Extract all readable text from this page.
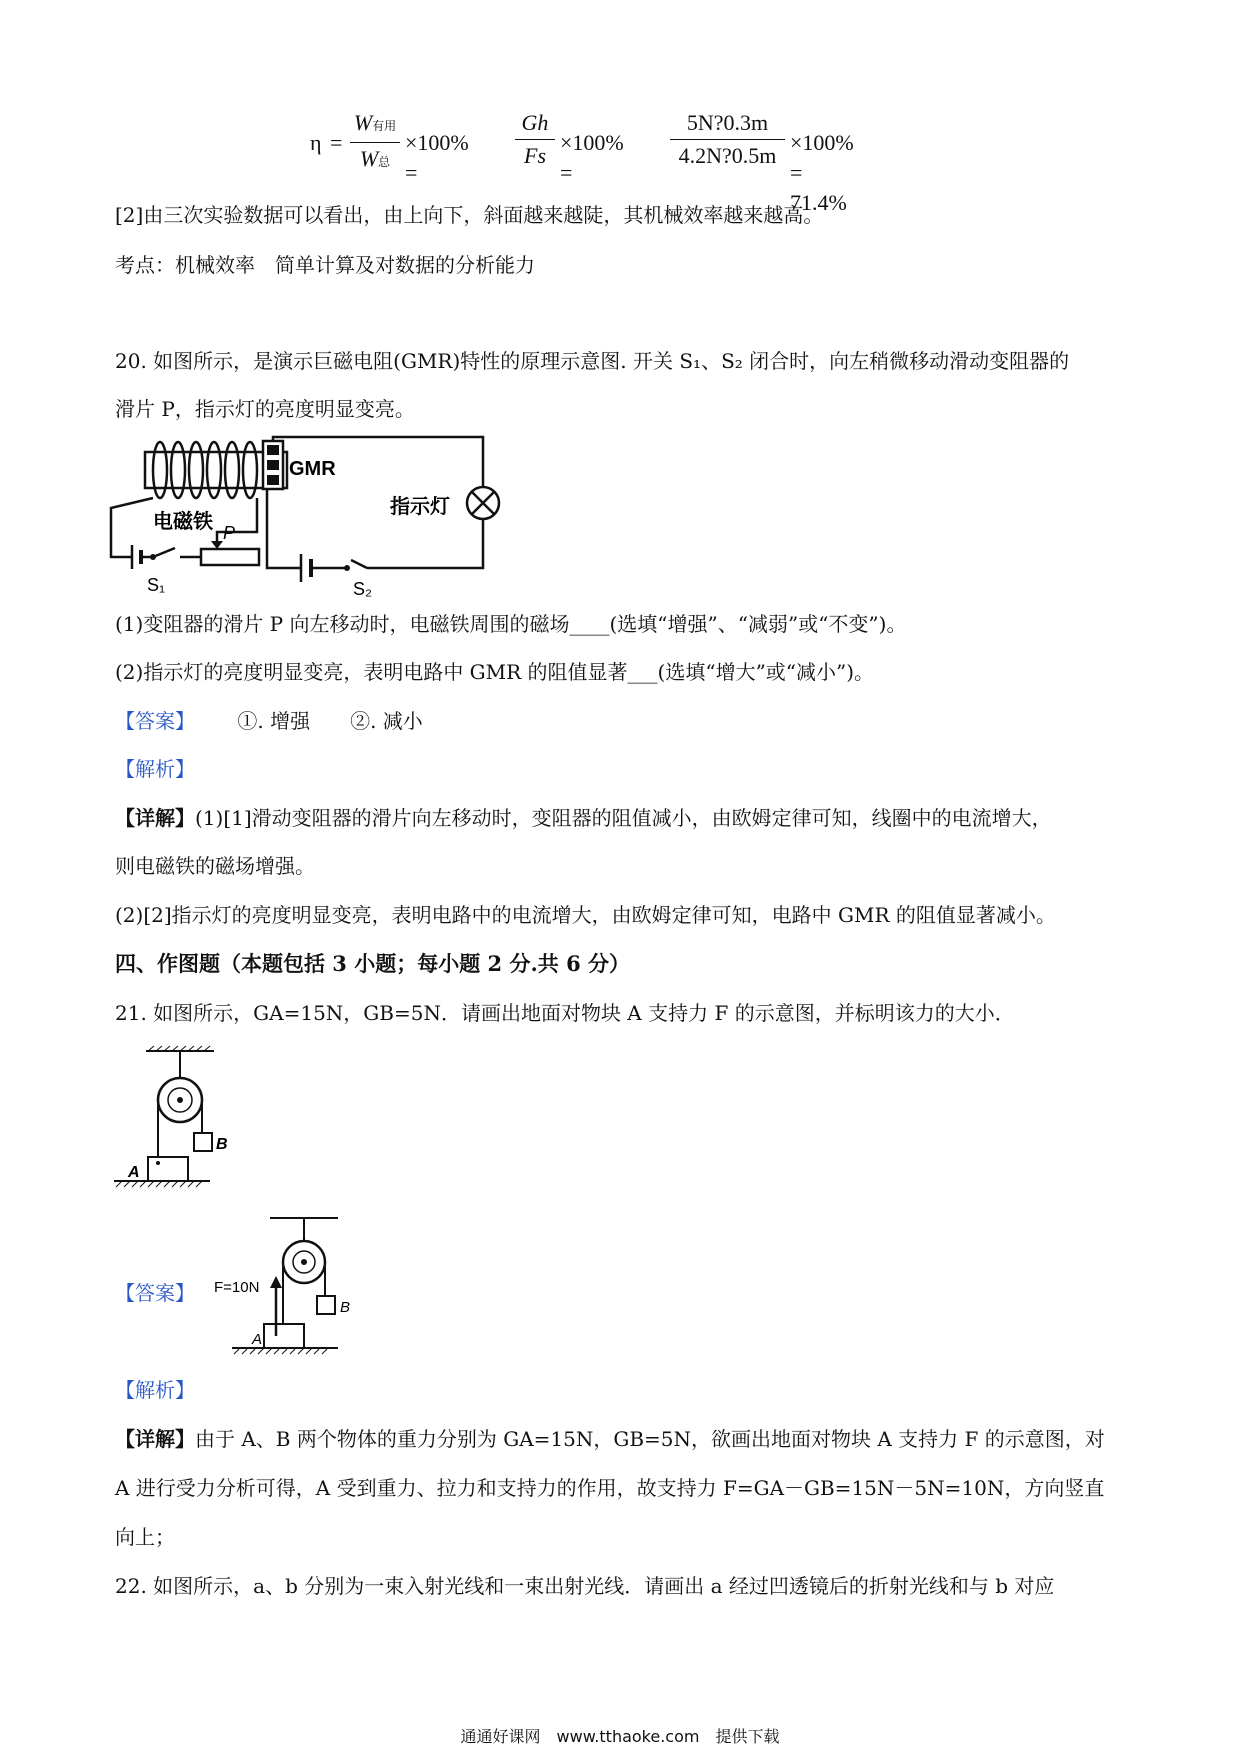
η =
W有用
W总
×100% =
Gh
Fs
×100% =
5N?0.3m
4.2N?0.5m
×100% = 71.4%
[2]由三次实验数据可以看出，由上向下，斜面越来越陡，其机械效率越来越高。
考点：机械效率　简单计算及对数据的分析能力
20. 如图所示，是演示巨磁电阻(GMR)特性的原理示意图. 开关 S₁、S₂ 闭合时，向左稍微移动滑动变阻器的
滑片 P，指示灯的亮度明显变亮。
P
S₁
电磁铁
GMR
S₂
指示灯
(1)变阻器的滑片 P 向左移动时，电磁铁周围的磁场____(选填“增强”、“减弱”或“不变”)。
(2)指示灯的亮度明显变亮，表明电路中 GMR 的阻值显著___(选填“增大”或“减小”)。
【答案】 ①. 增强　　②. 减小
【解析】
【详解】(1)[1]滑动变阻器的滑片向左移动时，变阻器的阻值减小，由欧姆定律可知，线圈中的电流增大，
则电磁铁的磁场增强。
(2)[2]指示灯的亮度明显变亮，表明电路中的电流增大，由欧姆定律可知，电路中 GMR 的阻值显著减小。
四、作图题（本题包括 3 小题；每小题 2 分.共 6 分）
21. 如图所示，GA=15N，GB=5N．请画出地面对物块 A 支持力 F 的示意图，并标明该力的大小．
B
A
【答案】
B
A
F=10N
【解析】
【详解】由于 A、B 两个物体的重力分别为 GA=15N，GB=5N，欲画出地面对物块 A 支持力 F 的示意图，对
A 进行受力分析可得，A 受到重力、拉力和支持力的作用，故支持力 F=GA－GB=15N－5N=10N，方向竖直
向上；
22. 如图所示，a、b 分别为一束入射光线和一束出射光线．请画出 a 经过凹透镜后的折射光线和与 b 对应
通通好课网　www.tthaoke.com　提供下载
